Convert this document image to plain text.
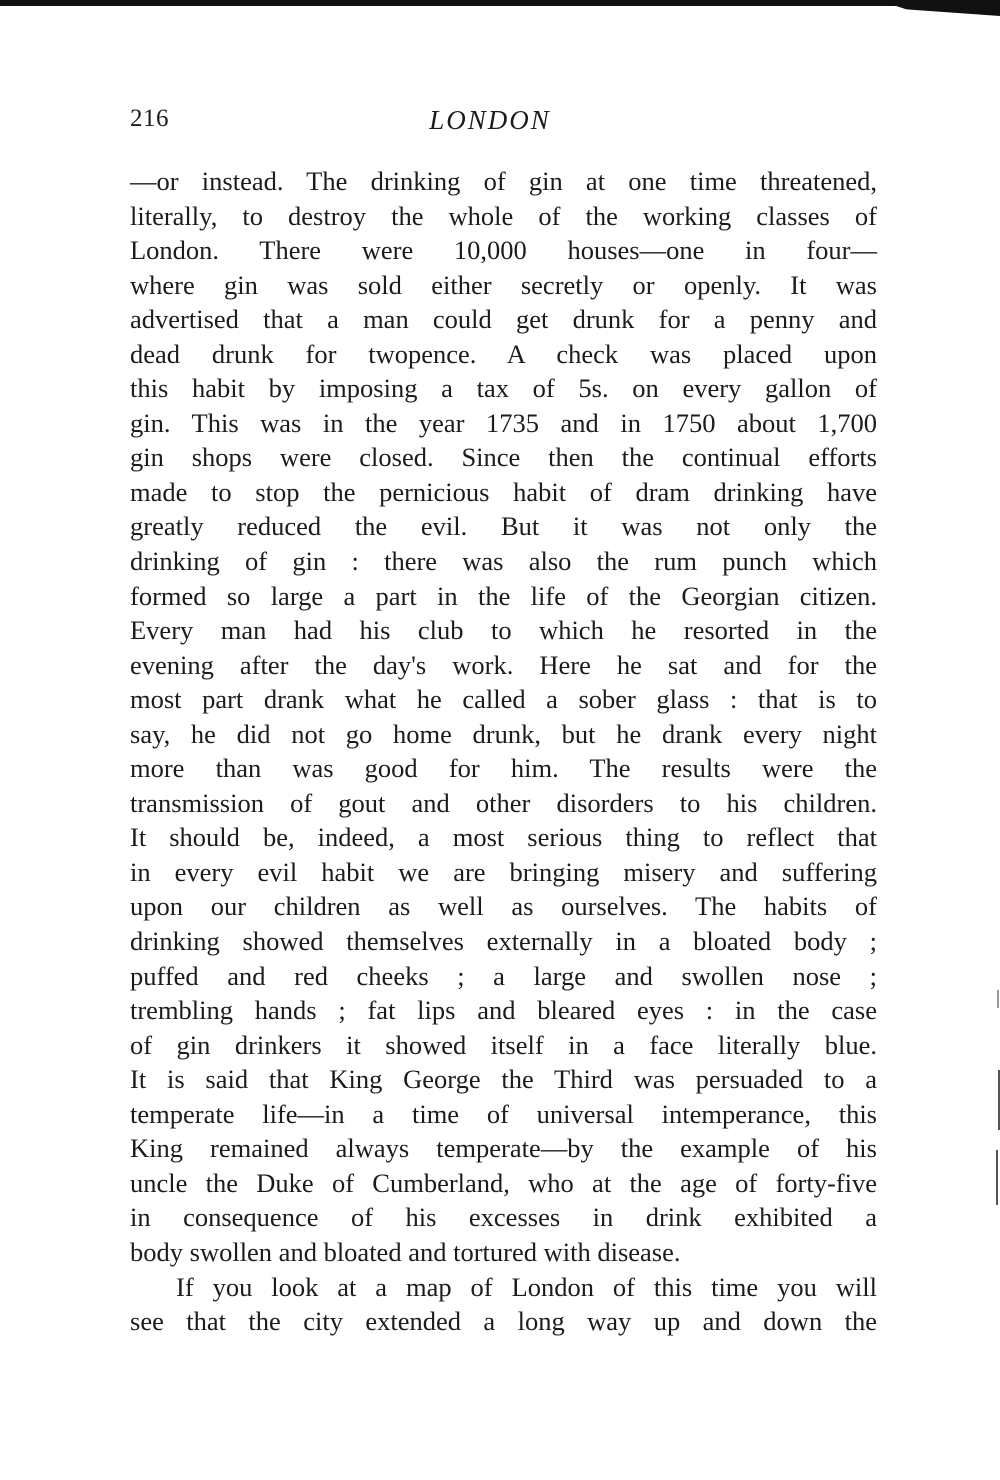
216	LONDON
—or instead. The drinking of gin at one time threatened,
literally, to destroy the whole of the working classes of
London. There were 10,000 houses—one in four—
where gin was sold either secretly or openly. It was
advertised that a man could get drunk for a penny and
dead drunk for twopence. A check was placed upon
this habit by imposing a tax of 5s. on every gallon of
gin. This was in the year 1735 and in 1750 about 1,700
gin shops were closed. Since then the continual efforts
made to stop the pernicious habit of dram drinking have
greatly reduced the evil. But it was not only the
drinking of gin : there was also the rum punch which
formed so large a part in the life of the Georgian citizen.
Every man had his club to which he resorted in the
evening after the day's work. Here he sat and for the
most part drank what he called a sober glass : that is to
say, he did not go home drunk, but he drank every night
more than was good for him. The results were the
transmission of gout and other disorders to his children.
It should be, indeed, a most serious thing to reflect that
in every evil habit we are bringing misery and suffering
upon our children as well as ourselves. The habits of
drinking showed themselves externally in a bloated body ;
puffed and red cheeks ; a large and swollen nose ;
trembling hands ; fat lips and bleared eyes : in the case
of gin drinkers it showed itself in a face literally blue.
It is said that King George the Third was persuaded to a
temperate life—in a time of universal intemperance, this
King remained always temperate—by the example of his
uncle the Duke of Cumberland, who at the age of forty-five
in consequence of his excesses in drink exhibited a
body swollen and bloated and tortured with disease.
If you look at a map of London of this time you will
see that the city extended a long way up and down the
